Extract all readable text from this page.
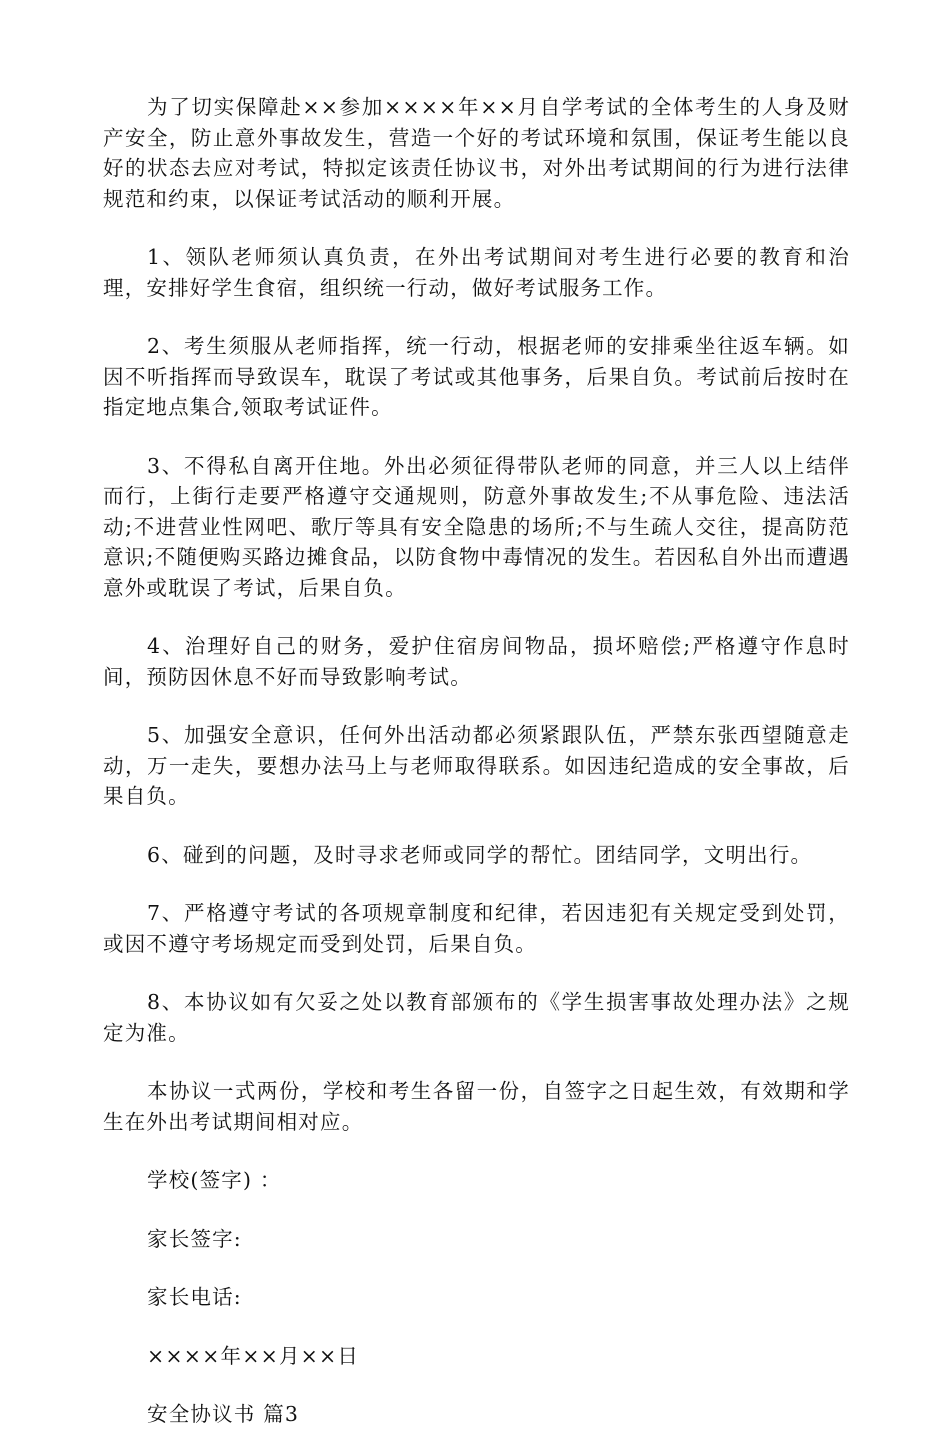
为了切实保障赴××参加××××年××月自学考试的全体考生的人身及财产安全，防止意外事故发生，营造一个好的考试环境和氛围，保证考生能以良好的状态去应对考试，特拟定该责任协议书，对外出考试期间的行为进行法律规范和约束，以保证考试活动的顺利开展。

1、领队老师须认真负责，在外出考试期间对考生进行必要的教育和治理，安排好学生食宿，组织统一行动，做好考试服务工作。

2、考生须服从老师指挥，统一行动，根据老师的安排乘坐往返车辆。如因不听指挥而导致误车，耽误了考试或其他事务，后果自负。考试前后按时在指定地点集合,领取考试证件。

3、不得私自离开住地。外出必须征得带队老师的同意，并三人以上结伴而行，上街行走要严格遵守交通规则，防意外事故发生;不从事危险、违法活动;不进营业性网吧、歌厅等具有安全隐患的场所;不与生疏人交往，提高防范意识;不随便购买路边摊食品，以防食物中毒情况的发生。若因私自外出而遭遇意外或耽误了考试，后果自负。

4、治理好自己的财务，爱护住宿房间物品，损坏赔偿;严格遵守作息时间，预防因休息不好而导致影响考试。

5、加强安全意识，任何外出活动都必须紧跟队伍，严禁东张西望随意走动，万一走失，要想办法马上与老师取得联系。如因违纪造成的安全事故，后果自负。

6、碰到的问题，及时寻求老师或同学的帮忙。团结同学，文明出行。

7、严格遵守考试的各项规章制度和纪律，若因违犯有关规定受到处罚，或因不遵守考场规定而受到处罚，后果自负。

8、本协议如有欠妥之处以教育部颁布的《学生损害事故处理办法》之规定为准。

本协议一式两份，学校和考生各留一份，自签字之日起生效，有效期和学生在外出考试期间相对应。

学校(签字) ：

家长签字:

家长电话:

××××年××月××日

安全协议书 篇3
